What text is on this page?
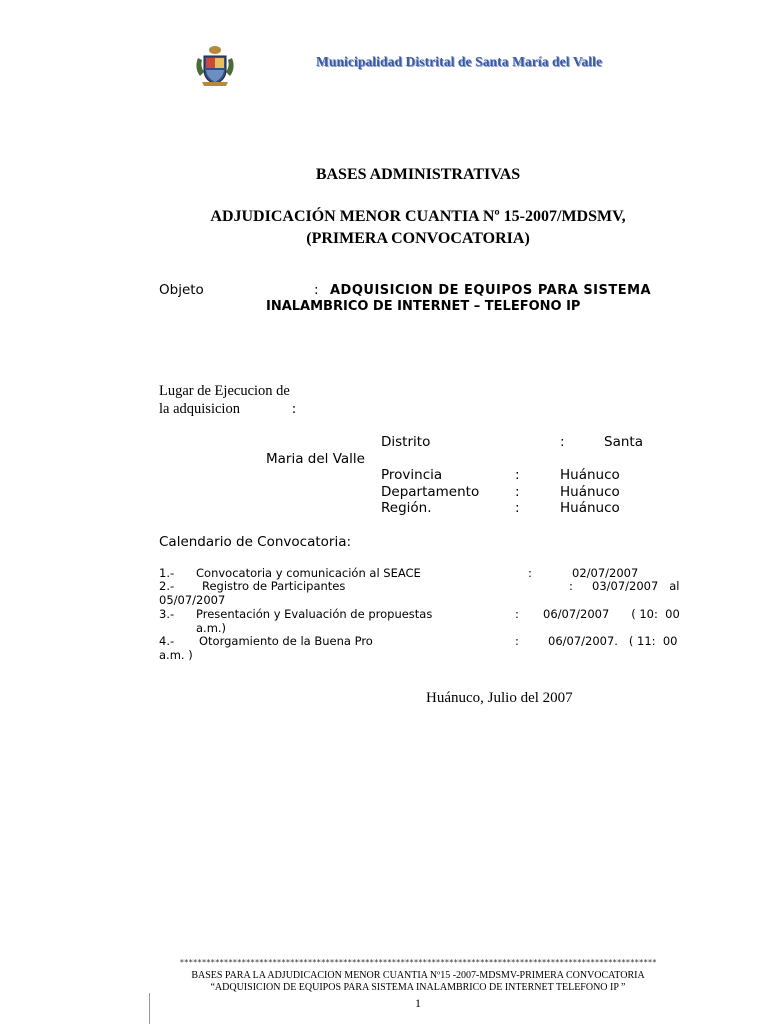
Municipalidad Distrital de Santa María del Valle
BASES ADMINISTRATIVAS
ADJUDICACIÓN MENOR CUANTIA Nº 15-2007/MDSMV,
(PRIMERA CONVOCATORIA)
Objeto	: ADQUISICION DE EQUIPOS PARA SISTEMA
INALAMBRICO DE INTERNET – TELEFONO IP
Lugar de Ejecucion de
la adquisicion	:
Distrito	:	Santa
Maria del Valle
Provincia	:	Huánuco
Departamento	:	Huánuco
Región.	:	Huánuco
Calendario de Convocatoria:
1.- Convocatoria y comunicación al SEACE	:	02/07/2007
2.- Registro de Participantes	: 03/07/2007   al
05/07/2007
3.- Presentación y Evaluación de propuestas	: 06/07/2007      ( 10:  00
a.m.)
4.- Otorgamiento de la Buena Pro	:	06/07/2007.   ( 11:  00
a.m. )
Huánuco, Julio del 2007
************************************************************************************************************
BASES PARA LA ADJUDICACION MENOR CUANTIA Nº15 -2007-MDSMV-PRIMERA CONVOCATORIA
“ADQUISICION DE EQUIPOS PARA SISTEMA INALAMBRICO DE INTERNET TELEFONO IP ”
1
